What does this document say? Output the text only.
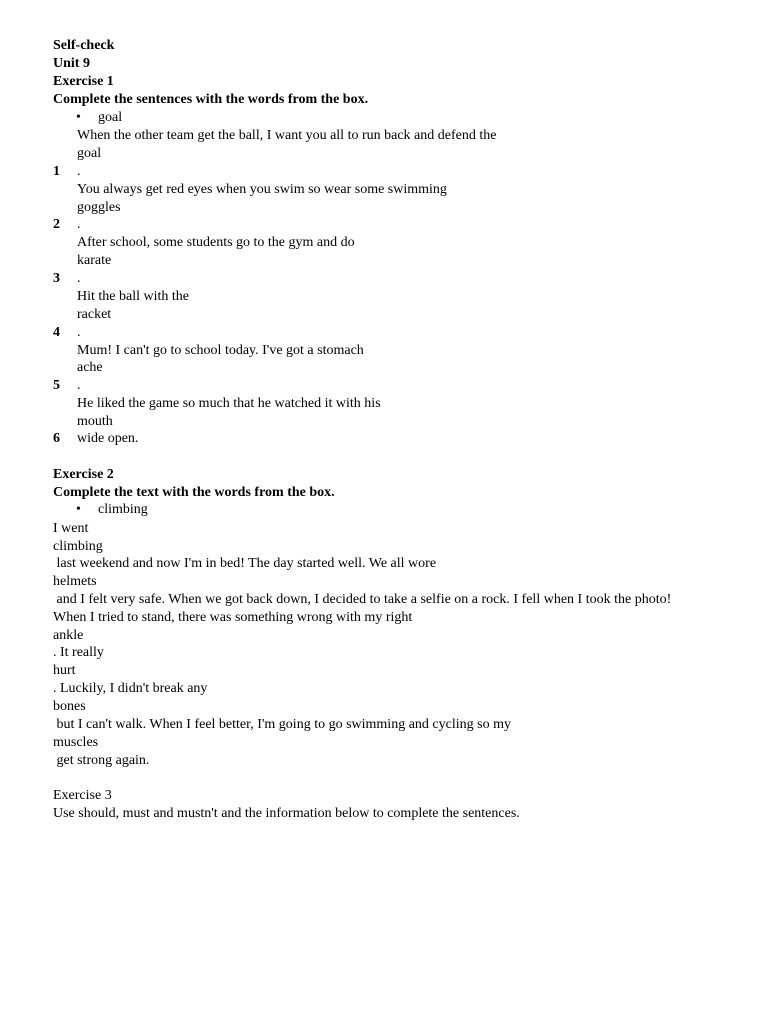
Self-check
Unit 9
Exercise 1
Complete the sentences with the words from the box.
• goal
When the other team get the ball, I want you all to run back and defend the
goal
1 .
You always get red eyes when you swim so wear some swimming
goggles
2 .
After school, some students go to the gym and do
karate
3 .
Hit the ball with the
racket
4 .
Mum! I can't go to school today. I've got a stomach
ache
5 .
He liked the game so much that he watched it with his
mouth
6 wide open.
Exercise 2
Complete the text with the words from the box.
• climbing
I went
climbing
last weekend and now I'm in bed! The day started well. We all wore
helmets
and I felt very safe. When we got back down, I decided to take a selfie on a rock. I fell when I took the photo!
When I tried to stand, there was something wrong with my right
ankle
. It really
hurt
. Luckily, I didn't break any
bones
but I can't walk. When I feel better, I'm going to go swimming and cycling so my
muscles
get strong again.
Exercise 3
Use should, must and mustn't and the information below to complete the sentences.
